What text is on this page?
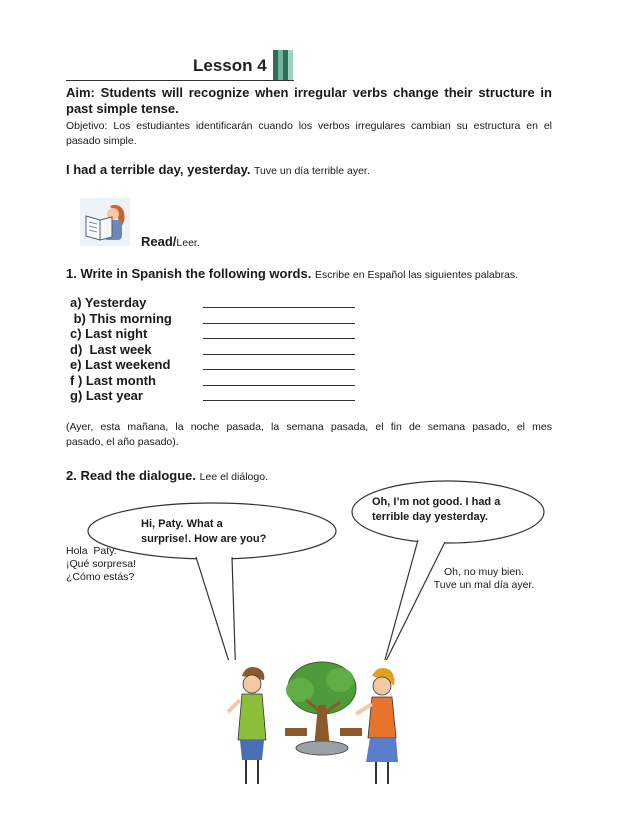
Lesson 4
Aim: Students will recognize when irregular verbs change their structure in
past simple tense.
Objetivo: Los estudiantes identificarán cuando los verbos irregulares cambian su estructura en el
pasado simple.
I had a terrible day, yesterday. Tuve un día terrible ayer.
Read/Leer.
1. Write in Spanish the following words. Escribe en Español las siguientes palabras.
a) Yesterday
b) This morning
c) Last night
d)  Last week
e) Last weekend
f ) Last month
g) Last year
(Ayer, esta mañana, la noche pasada, la semana pasada, el fin de semana pasado, el mes
pasado, el año pasado).
2. Read the dialogue. Lee el diálogo.
Hi, Paty. What a
surprise!. How are you?
Oh, I’m not good. I had a
terrible day yesterday.
Hola  Paty.
¡Qué sorpresa!
¿Cómo estás?	Oh, no muy bien.
Tuve un mal día ayer.
